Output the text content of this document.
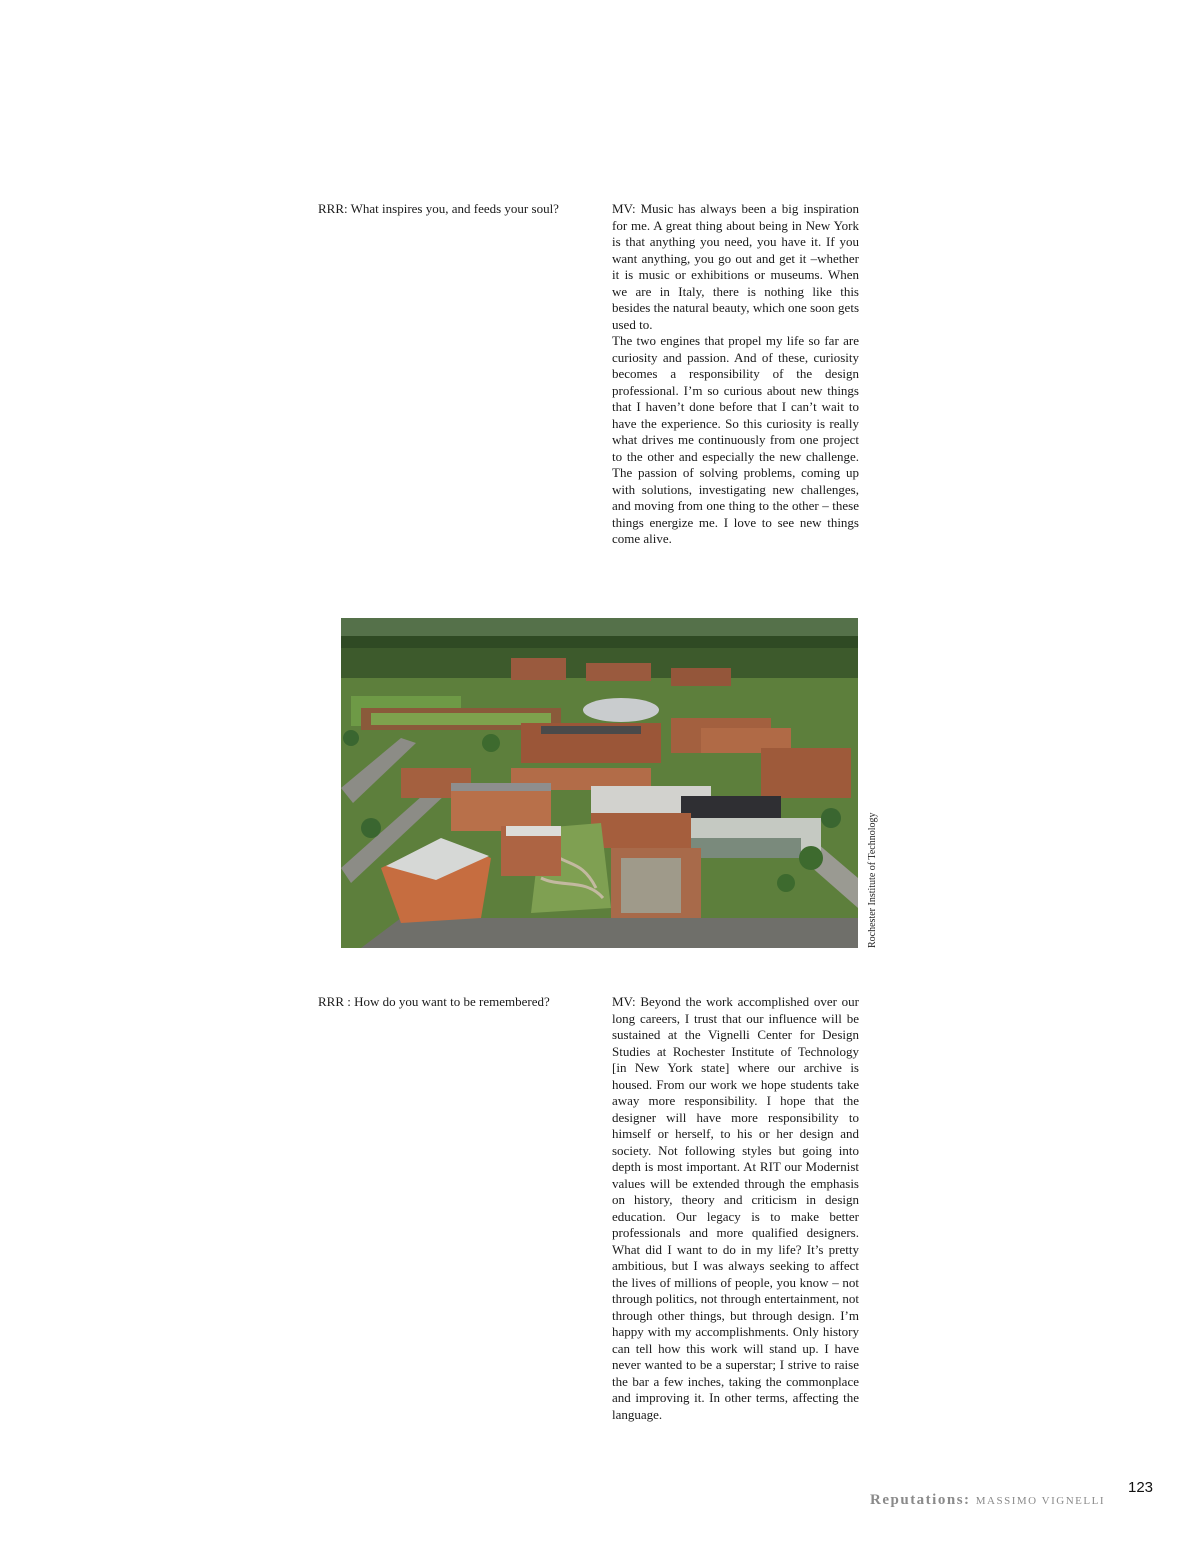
RRR: What inspires you, and feeds your soul?	MV: Music has always been a big inspiration for me. A great thing about being in New York is that anything you need, you have it. If you want anything, you go out and get it –whether it is music or exhibitions or museums. When we are in Italy, there is nothing like this besides the natural beauty, which one soon gets used to.

The two engines that propel my life so far are curiosity and passion. And of these, curiosity becomes a responsibility of the design professional. I’m so curious about new things that I haven’t done before that I can’t wait to have the experience. So this curiosity is really what drives me continuously from one project to the other and especially the new challenge. The passion of solving problems, coming up with solutions, investigating new challenges, and moving from one thing to the other – these things energize me. I love to see new things come alive.

Rochester Institute of Technology
RRR : How do you want to be remembered?	MV: Beyond the work accomplished over our long careers, I trust that our influence will be sustained at the Vignelli Center for Design Studies at Rochester Institute of Technology [in New York state] where our archive is housed. From our work we hope students take away more responsibility. I hope that the designer will have more responsibility to himself or herself, to his or her design and society. Not following styles but going into depth is most important. At RIT our Modernist values will be extended through the emphasis on history, theory and criticism in design education. Our legacy is to make better professionals and more qualified designers. What did I want to do in my life? It’s pretty ambitious, but I was always seeking to affect the lives of millions of people, you know – not through politics, not through entertainment, not through other things, but through design. I’m happy with my accomplishments. Only history can tell how this work will stand up. I have never wanted to be a superstar; I strive to raise the bar a few inches, taking the commonplace and improving it. In other terms, affecting the language.

123
Reputations: MASSIMO VIGNELLI
